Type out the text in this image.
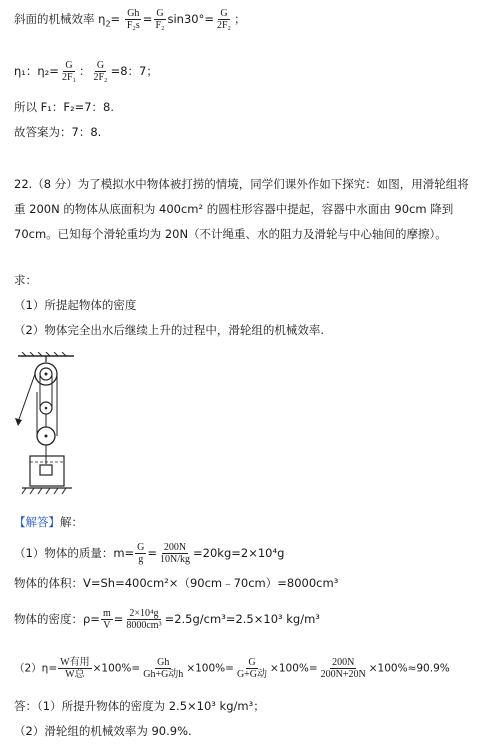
斜面的机械效率 $\eta_2= \frac{Gh}{\text{F₂s}} = \frac{G}{\text{F₂}} \sin 30^\circ= \frac{G}{\text{2F₂}}$ ；
η₁：$\eta_2= \frac{G}{\text{2F₁}}$ ： $\frac{G}{\text{2F₂}} =8$：7；
所以 F₁：F₂=7：8.
故答案为：7：8.
22.（8 分）为了模拟水中物体被打捞的情境，同学们课外作如下探究：如图，用滑轮组将重 200N 的物体从底面积为 400cm² 的圆柱形容器中提起，容器中水面由 90cm 降到 70cm。已知每个滑轮重均为 20N（不计绳重、水的阻力及滑轮与中心轴间的摩擦）。
求：
（1）所提起物体的密度
（2）物体完全出水后继续上升的过程中，滑轮组的机械效率.
【解答】解：
（1）物体的质量：$m= \frac{G}{g} = \frac{200N}{10N/kg} =20kg=2\times 10^4g$
物体的体积：V=Sh=400cm²×（90cm﹣70cm）=8000cm³
物体的密度：$\rho= \frac{m}{V} = \frac{\text{2×10⁴g}}{\text{8000cm³}} =2.5g/cm^3=2.5\times 10^3$ kg/m³
$(2)\eta= \frac{\text{W有用}}{\text{W总}} \times 100\%= \frac{Gh}{\text{Gh+G动h}} \times 100\%= \frac{G}{\text{G+G动}} \times 100\%= \frac{200N}{200N+20N} \times 100\%\approx 90.9\%$
答：（1）所提升物体的密度为 2.5×10³ kg/m³；
（2）滑轮组的机械效率为 90.9%.
